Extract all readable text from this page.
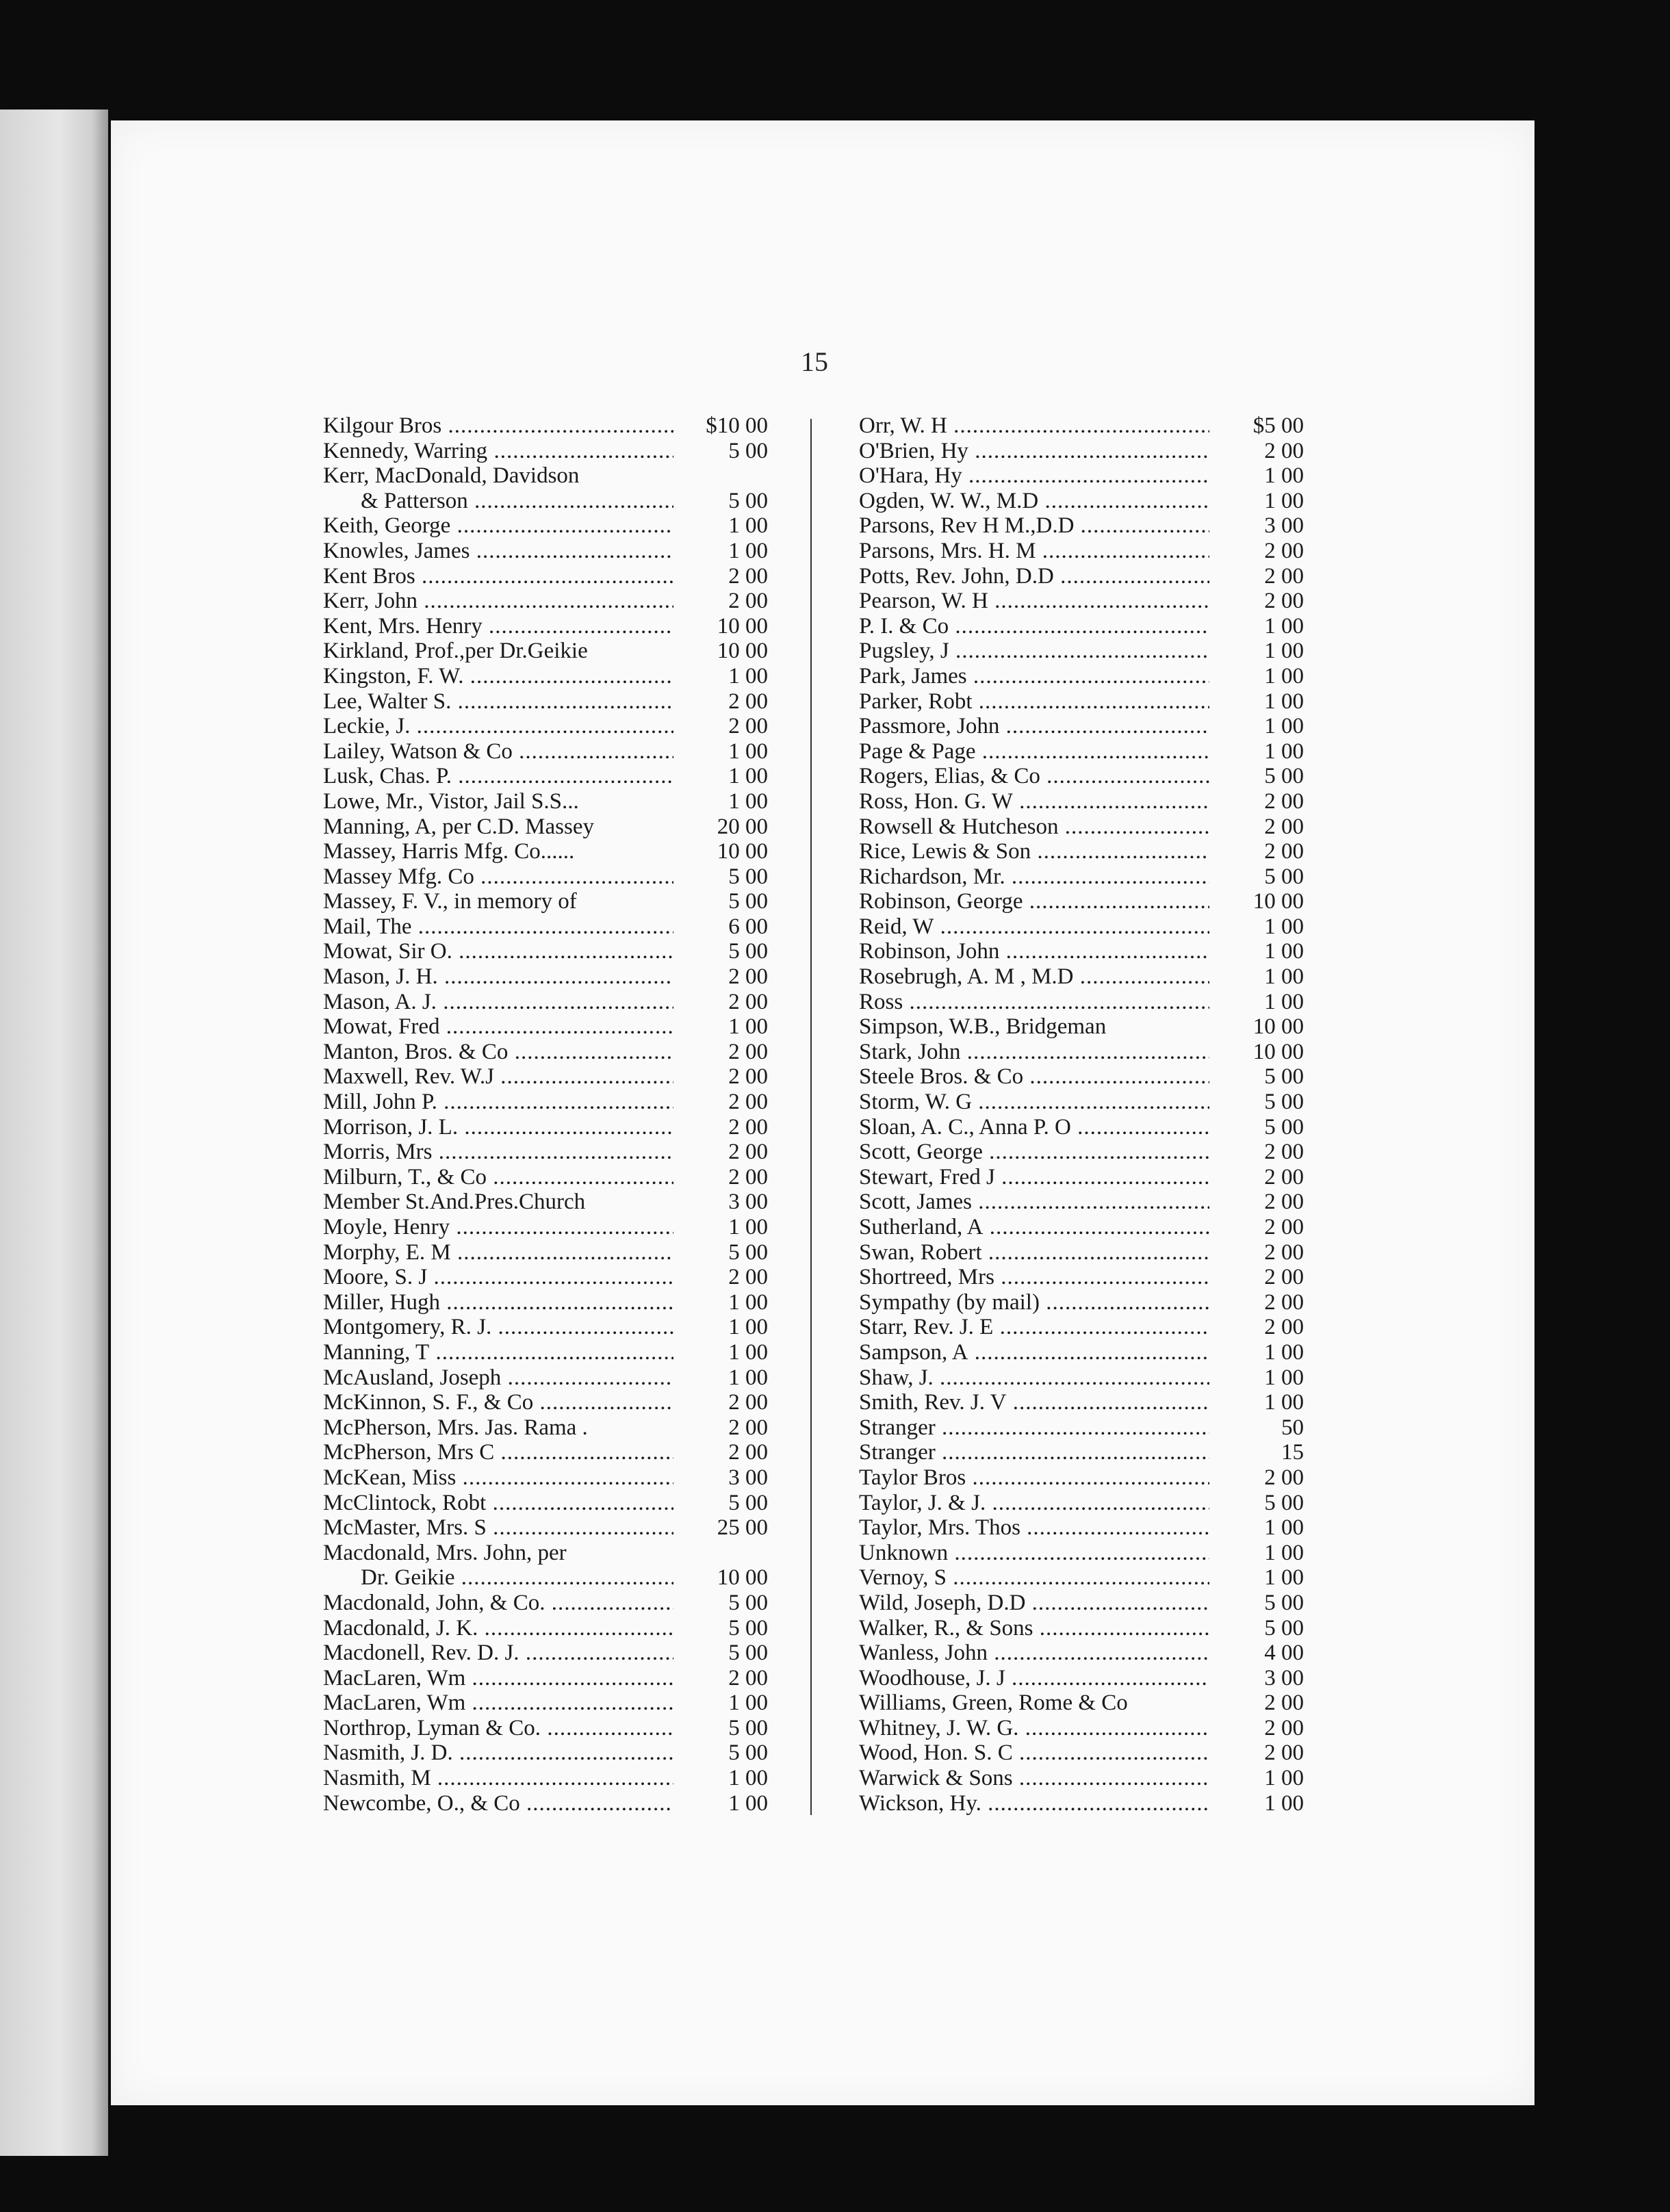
15
Kilgour Bros .....	$10 00
Kennedy, Warring .....	5 00
Kerr, MacDonald, Davidson
& Patterson .....	5 00
Keith, George .....	1 00
Knowles, James .....	1 00
Kent Bros .....	2 00
Kerr, John .....	2 00
Kent, Mrs. Henry .....	10 00
Kirkland, Prof.,per Dr.Geikie	10 00
Kingston, F. W. .....	1 00
Lee, Walter S. .....	2 00
Leckie, J. .....	2 00
Lailey, Watson & Co .....	1 00
Lusk, Chas. P. .....	1 00
Lowe, Mr., Vistor, Jail S.S...	1 00
Manning, A, per C.D. Massey	20 00
Massey, Harris Mfg. Co......	10 00
Massey Mfg. Co .....	5 00
Massey, F. V., in memory of	5 00
Mail, The .....	6 00
Mowat, Sir O. .....	5 00
Mason, J. H. .....	2 00
Mason, A. J. .....	2 00
Mowat, Fred .....	1 00
Manton, Bros. & Co .....	2 00
Maxwell, Rev. W.J .....	2 00
Mill, John P. .....	2 00
Morrison, J. L. .....	2 00
Morris, Mrs .....	2 00
Milburn, T., & Co .....	2 00
Member St.And.Pres.Church	3 00
Moyle, Henry .....	1 00
Morphy, E. M .....	5 00
Moore, S. J .....	2 00
Miller, Hugh .....	1 00
Montgomery, R. J. .....	1 00
Manning, T .....	1 00
McAusland, Joseph .....	1 00
McKinnon, S. F., & Co .....	2 00
McPherson, Mrs. Jas. Rama .	2 00
McPherson, Mrs C .....	2 00
McKean, Miss .....	3 00
McClintock, Robt .....	5 00
McMaster, Mrs. S .....	25 00
Macdonald, Mrs. John, per
Dr. Geikie .....	10 00
Macdonald, John, & Co. .....	5 00
Macdonald, J. K. .....	5 00
Macdonell, Rev. D. J. .....	5 00
MacLaren, Wm .....	2 00
MacLaren, Wm .....	1 00
Northrop, Lyman & Co. .....	5 00
Nasmith, J. D. .....	5 00
Nasmith, M .....	1 00
Newcombe, O., & Co .....	1 00
Orr, W. H .....	$5 00
O'Brien, Hy .....	2 00
O'Hara, Hy .....	1 00
Ogden, W. W., M.D .....	1 00
Parsons, Rev H M.,D.D .....	3 00
Parsons, Mrs. H. M .....	2 00
Potts, Rev. John, D.D .....	2 00
Pearson, W. H .....	2 00
P. I. & Co .....	1 00
Pugsley, J .....	1 00
Park, James .....	1 00
Parker, Robt .....	1 00
Passmore, John .....	1 00
Page & Page .....	1 00
Rogers, Elias, & Co .....	5 00
Ross, Hon. G. W .....	2 00
Rowsell & Hutcheson .....	2 00
Rice, Lewis & Son .....	2 00
Richardson, Mr. .....	5 00
Robinson, George .....	10 00
Reid, W .....	1 00
Robinson, John .....	1 00
Rosebrugh, A. M , M.D .....	1 00
Ross .....	1 00
Simpson, W.B., Bridgeman	10 00
Stark, John .....	10 00
Steele Bros. & Co .....	5 00
Storm, W. G .....	5 00
Sloan, A. C., Anna P. O .....	5 00
Scott, George .....	2 00
Stewart, Fred J .....	2 00
Scott, James .....	2 00
Sutherland, A .....	2 00
Swan, Robert .....	2 00
Shortreed, Mrs .....	2 00
Sympathy (by mail) .....	2 00
Starr, Rev. J. E .....	2 00
Sampson, A .....	1 00
Shaw, J. .....	1 00
Smith, Rev. J. V .....	1 00
Stranger .....	50
Stranger .....	15
Taylor Bros .....	2 00
Taylor, J. & J. .....	5 00
Taylor, Mrs. Thos .....	1 00
Unknown .....	1 00
Vernoy, S .....	1 00
Wild, Joseph, D.D .....	5 00
Walker, R., & Sons .....	5 00
Wanless, John .....	4 00
Woodhouse, J. J .....	3 00
Williams, Green, Rome & Co	2 00
Whitney, J. W. G. .....	2 00
Wood, Hon. S. C .....	2 00
Warwick & Sons .....	1 00
Wickson, Hy. .....	1 00
